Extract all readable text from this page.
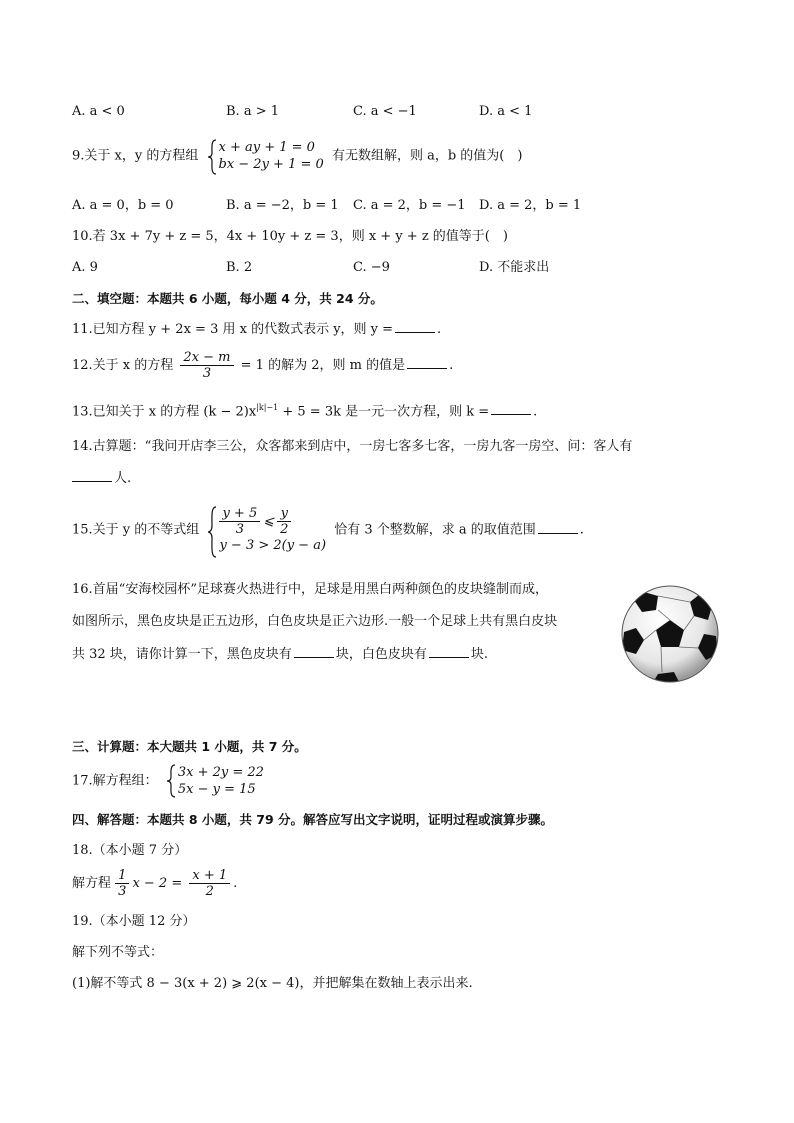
A. a < 0	B. a > 1	C. a < −1	D. a < 1
9.关于 x，y 的方程组
x + ay + 1 = 0
bx − 2y + 1 = 0
有无数组解，则 a，b 的值为(　)
A. a = 0，b = 0	B. a = −2，b = 1 C. a = 2，b = −1 D. a = 2，b = 1
10.若 3x + 7y + z = 5，4x + 10y + z = 3，则 x + y + z 的值等于(　)
A. 9	B. 2	C. −9	D. 不能求出
二、填空题：本题共 6 小题，每小题 4 分，共 24 分。
11.已知方程 y + 2x = 3 用 x 的代数式表示 y，则 y =	.
12.关于 x 的方程 $\frac{2x - m}{3} = 1$ 的解为 2，则 m 的值是	.
13.已知关于 x 的方程 $(k - 2)x^{|k|-1} + 5 = 3k$ 是一元一次方程，则 k =	.
14.古算题：“我问开店李三公，众客都来到店中，一房七客多七客，一房九客一房空、问：客人有
人.
15.关于 y 的不等式组 $\frac{y + 5}{3}$ ⩽ $\frac{y}{2}$
y − 3 > 2(y − a)
恰有 3 个整数解，求 a 的取值范围	.
16.首届“安海校园杯”足球赛火热进行中，足球是用黑白两种颜色的皮块缝制而成，
如图所示，黑色皮块是正五边形，白色皮块是正六边形.一般一个足球上共有黑白皮块
共 32 块，请你计算一下，黑色皮块有	块，白色皮块有	块.
三、计算题：本大题共 1 小题，共 7 分。
17.解方程组：
3x + 2y = 22
5x − y = 15
四、解答题：本题共 8 小题，共 79 分。解答应写出文字说明，证明过程或演算步骤。
18.（本小题 7 分）
解方程 $\frac{1}{3}$ $x - 2 = \frac{x + 1}{2}$ .
19.（本小题 12 分）
解下列不等式：
(1)解不等式 8 − 3(x + 2) ⩾ 2(x − 4)，并把解集在数轴上表示出来.
